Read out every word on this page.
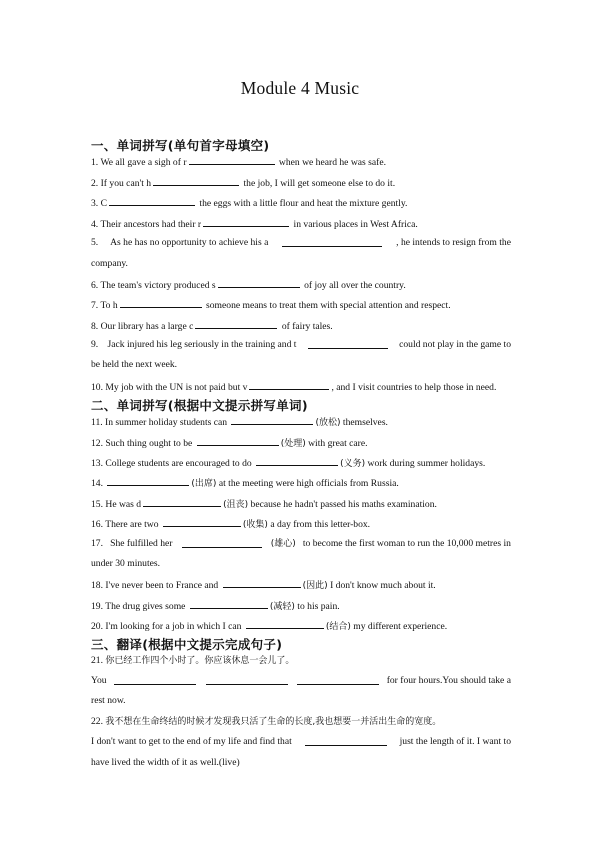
Module 4 Music
一、单词拼写(单句首字母填空)
1. We all gave a sigh of r	when we heard he was safe.
2. If you can't h	the job, I will get someone else to do it.
3. C	the eggs with a little flour and heat the mixture gently.
4. Their ancestors had their r	in various places in West Africa.
5. As he has no opportunity to achieve his a	, he intends to resign from the
company.
6. The team's victory produced s	of joy all over the country.
7. To h	someone means to treat them with special attention and respect.
8. Our library has a large c	of fairy tales.
9. Jack injured his leg seriously in the training and t	could not play in the game to
be held the next week.
10. My job with the UN is not paid but v	, and I visit countries to help those in need.
二、单词拼写(根据中文提示拼写单词)
11. In summer holiday students can	(放松) themselves.
12. Such thing ought to be	(处理) with great care.
13. College students are encouraged to do	(义务) work during summer holidays.
14.	(出席) at the meeting were high officials from Russia.
15. He was d	(沮丧) because he hadn't passed his maths examination.
16. There are two	(收集) a day from this letter-box.
17. She fulfilled her	(雄心) to become the first woman to run the 10,000 metres in
under 30 minutes.
18. I've never been to France and	(因此) I don't know much about it.
19. The drug gives some	(减轻) to his pain.
20. I'm looking for a job in which I can	(结合) my different experience.
三、翻译(根据中文提示完成句子)
21. 你已经工作四个小时了。你应该休息一会儿了。
You	for four hours.You should take a
rest now.
22. 我不想在生命终结的时候才发现我只活了生命的长度,我也想要一并活出生命的宽度。
I don't want to get to the end of my life and find that	just the length of it. I want to
have lived the width of it as well.(live)
